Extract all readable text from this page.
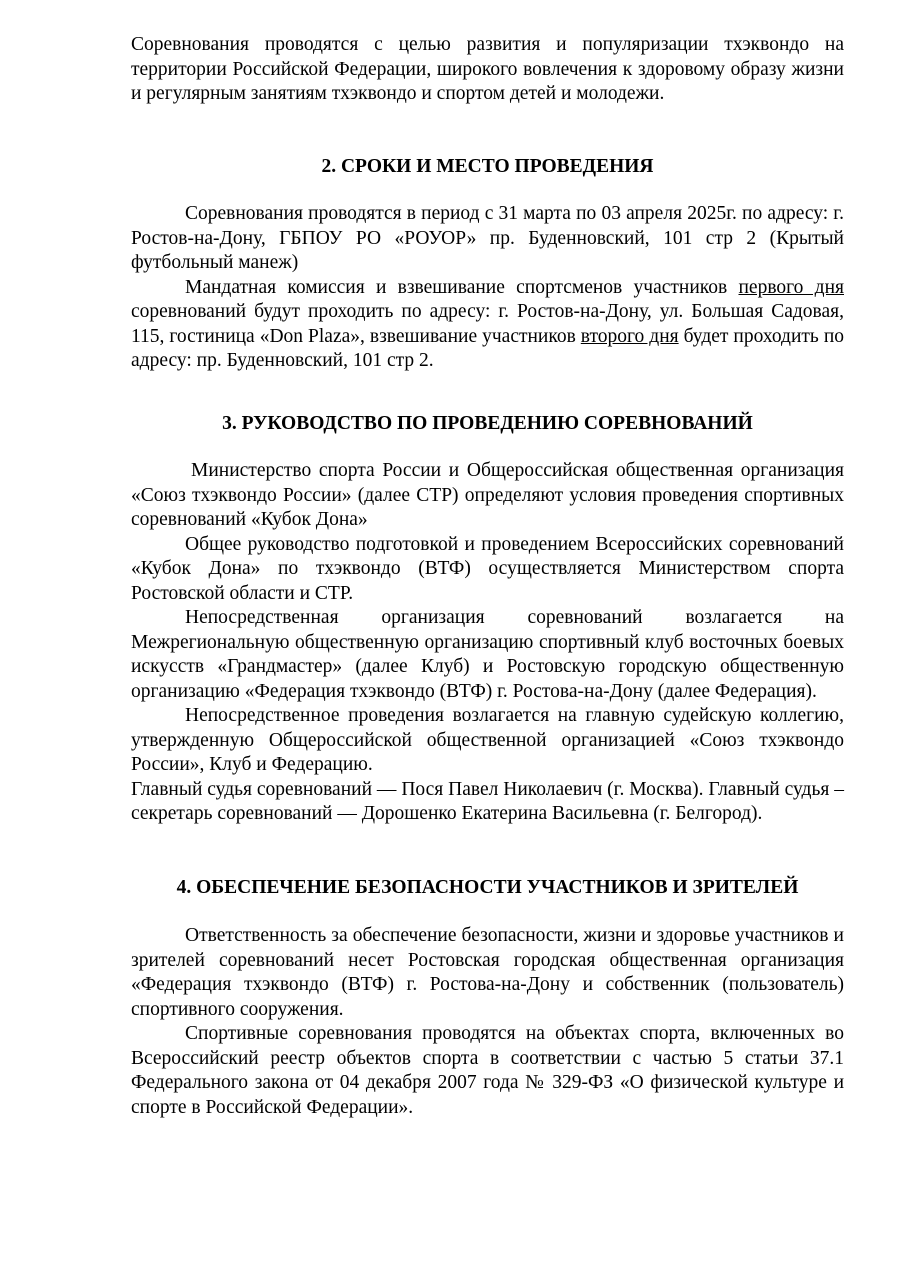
Соревнования проводятся с целью развития и популяризации тхэквондо на территории Российской Федерации, широкого вовлечения к здоровому образу жизни и регулярным занятиям тхэквондо и спортом детей и молодежи.

2. СРОКИ И МЕСТО ПРОВЕДЕНИЯ

Соревнования проводятся в период с 31 марта по 03 апреля 2025г. по адресу: г. Ростов-на-Дону, ГБПОУ РО «РОУОР» пр. Буденновский, 101 стр 2 (Крытый футбольный манеж)

Мандатная комиссия и взвешивание спортсменов участников первого дня соревнований будут проходить по адресу: г. Ростов-на-Дону, ул. Большая Садовая, 115, гостиница «Don Plaza», взвешивание участников второго дня будет проходить по адресу: пр. Буденновский, 101 стр 2.

3. РУКОВОДСТВО ПО ПРОВЕДЕНИЮ СОРЕВНОВАНИЙ

Министерство спорта России и Общероссийская общественная организация «Союз тхэквондо России» (далее СТР) определяют условия проведения спортивных соревнований «Кубок Дона»

Общее руководство подготовкой и проведением Всероссийских соревнований «Кубок Дона» по тхэквондо (ВТФ) осуществляется Министерством спорта Ростовской области и СТР.

Непосредственная организация соревнований возлагается на Межрегиональную общественную организацию спортивный клуб восточных боевых искусств «Грандмастер» (далее Клуб) и Ростовскую городскую общественную организацию «Федерация тхэквондо (ВТФ) г. Ростова-на-Дону (далее Федерация).

Непосредственное проведения возлагается на главную судейскую коллегию, утвержденную Общероссийской общественной организацией «Союз тхэквондо России», Клуб и Федерацию.

Главный судья соревнований — Пося Павел Николаевич (г. Москва). Главный судья – секретарь соревнований — Дорошенко Екатерина Васильевна (г. Белгород).

4. ОБЕСПЕЧЕНИЕ БЕЗОПАСНОСТИ УЧАСТНИКОВ И ЗРИТЕЛЕЙ

Ответственность за обеспечение безопасности, жизни и здоровье участников и зрителей соревнований несет Ростовская городская общественная организация «Федерация тхэквондо (ВТФ) г. Ростова-на-Дону и собственник (пользователь) спортивного сооружения.

Спортивные соревнования проводятся на объектах спорта, включенных во Всероссийский реестр объектов спорта в соответствии с частью 5 статьи 37.1 Федерального закона от 04 декабря 2007 года № 329-ФЗ «О физической культуре и спорте в Российской Федерации».
